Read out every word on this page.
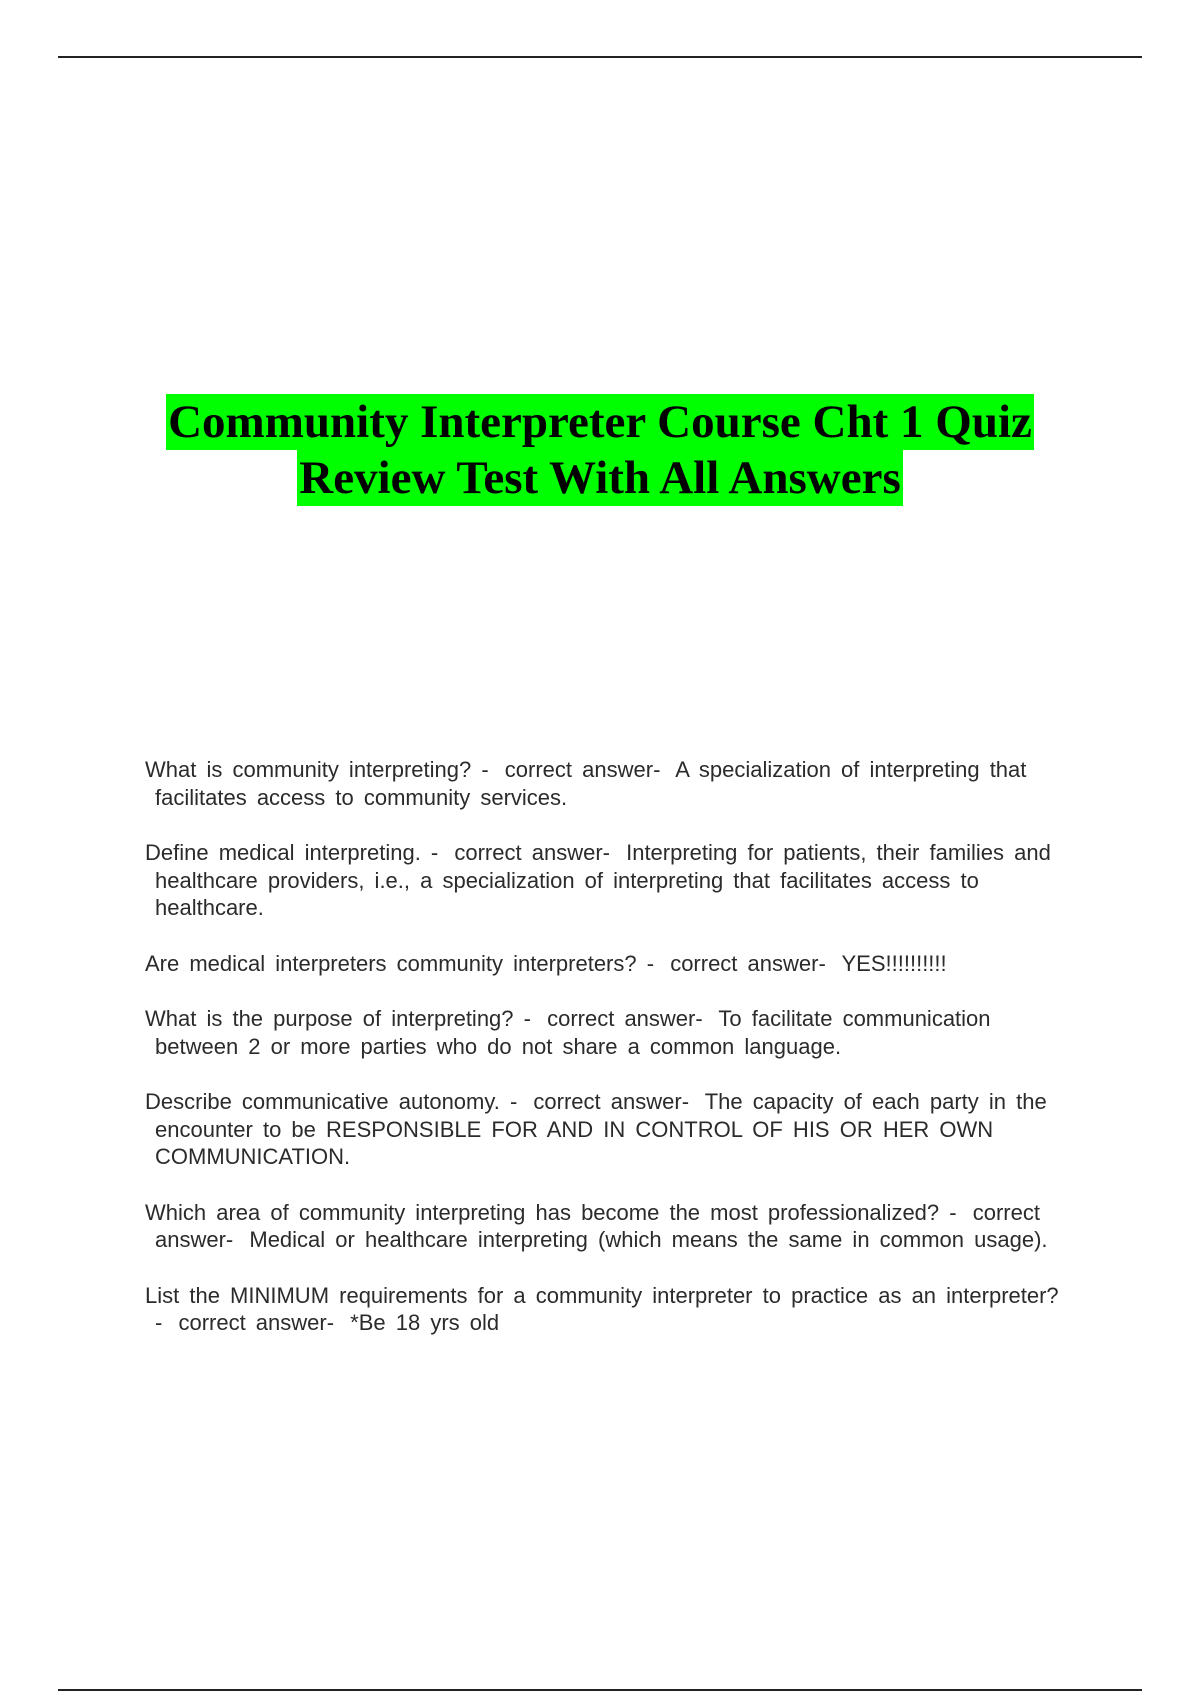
Community Interpreter Course Cht 1 Quiz
Review Test With All Answers

What is community interpreting? - correct answer- A specialization of interpreting that facilitates access to community services.

Define medical interpreting. - correct answer- Interpreting for patients, their families and healthcare providers, i.e., a specialization of interpreting that facilitates access to healthcare.

Are medical interpreters community interpreters? - correct answer- YES!!!!!!!!!!

What is the purpose of interpreting? - correct answer- To facilitate communication between 2 or more parties who do not share a common language.

Describe communicative autonomy. - correct answer- The capacity of each party in the encounter to be RESPONSIBLE FOR AND IN CONTROL OF HIS OR HER OWN COMMUNICATION.

Which area of community interpreting has become the most professionalized? - correct answer- Medical or healthcare interpreting (which means the same in common usage).

List the MINIMUM requirements for a community interpreter to practice as an interpreter? - correct answer- *Be 18 yrs old
